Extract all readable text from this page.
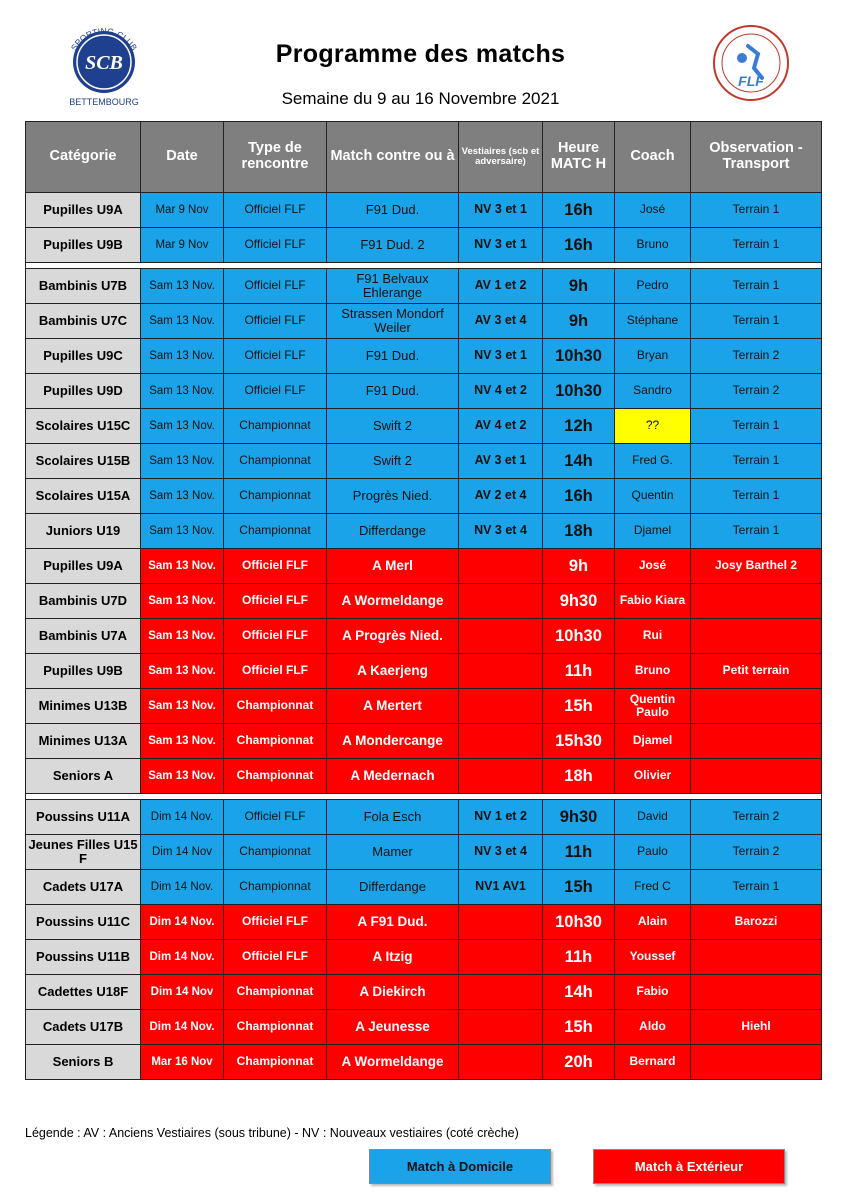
SPORTING-CLUB
SCB
BETTEMBOURG
FLF
Programme des matchs
Semaine du 9 au 16 Novembre 2021
Catégorie	Date	Type de rencontre	Match contre ou à	Vestiaires (scb et adversaire)	Heure MATC H	Coach	Observation - Transport
Pupilles U9A	Mar 9 Nov	Officiel FLF	F91 Dud.	NV 3 et 1	16h	José	Terrain 1
Pupilles U9B	Mar 9 Nov	Officiel FLF	F91 Dud. 2	NV 3 et 1	16h	Bruno	Terrain 1

Bambinis U7B	Sam 13 Nov.	Officiel FLF	F91 Belvaux Ehlerange	AV 1 et 2	9h	Pedro	Terrain 1
Bambinis U7C	Sam 13 Nov.	Officiel FLF	Strassen Mondorf Weiler	AV 3 et 4	9h	Stéphane	Terrain 1
Pupilles U9C	Sam 13 Nov.	Officiel FLF	F91 Dud.	NV 3 et 1	10h30	Bryan	Terrain 2
Pupilles U9D	Sam 13 Nov.	Officiel FLF	F91 Dud.	NV 4 et 2	10h30	Sandro	Terrain 2
Scolaires U15C	Sam 13 Nov.	Championnat	Swift 2	AV 4 et 2	12h	??	Terrain 1
Scolaires U15B	Sam 13 Nov.	Championnat	Swift 2	AV 3 et 1	14h	Fred G.	Terrain 1
Scolaires U15A	Sam 13 Nov.	Championnat	Progrès Nied.	AV 2 et 4	16h	Quentin	Terrain 1
Juniors U19	Sam 13 Nov.	Championnat	Differdange	NV 3 et 4	18h	Djamel	Terrain 1
Pupilles U9A	Sam 13 Nov.	Officiel FLF	A Merl		9h	José	Josy Barthel 2
Bambinis U7D	Sam 13 Nov.	Officiel FLF	A Wormeldange		9h30	Fabio Kiara	
Bambinis U7A	Sam 13 Nov.	Officiel FLF	A Progrès Nied.		10h30	Rui	
Pupilles U9B	Sam 13 Nov.	Officiel FLF	A Kaerjeng		11h	Bruno	Petit terrain
Minimes U13B	Sam 13 Nov.	Championnat	A Mertert		15h	Quentin Paulo	
Minimes U13A	Sam 13 Nov.	Championnat	A Mondercange		15h30	Djamel	
Seniors A	Sam 13 Nov.	Championnat	A Medernach		18h	Olivier	

Poussins U11A	Dim 14 Nov.	Officiel FLF	Fola Esch	NV 1 et 2	9h30	David	Terrain 2
Jeunes Filles U15 F	Dim 14 Nov	Championnat	Mamer	NV 3 et 4	11h	Paulo	Terrain 2
Cadets U17A	Dim 14 Nov.	Championnat	Differdange	NV1 AV1	15h	Fred C	Terrain 1
Poussins U11C	Dim 14 Nov.	Officiel FLF	A F91 Dud.		10h30	Alain	Barozzi
Poussins U11B	Dim 14 Nov.	Officiel FLF	A Itzig		11h	Youssef	
Cadettes U18F	Dim 14 Nov	Championnat	A Diekirch		14h	Fabio	
Cadets U17B	Dim 14 Nov.	Championnat	A Jeunesse		15h	Aldo	Hiehl
Seniors B	Mar 16 Nov	Championnat	A Wormeldange		20h	Bernard	
Légende : AV : Anciens Vestiaires (sous tribune) - NV : Nouveaux vestiaires (coté crèche)
Match à Domicile	Match à Extérieur
